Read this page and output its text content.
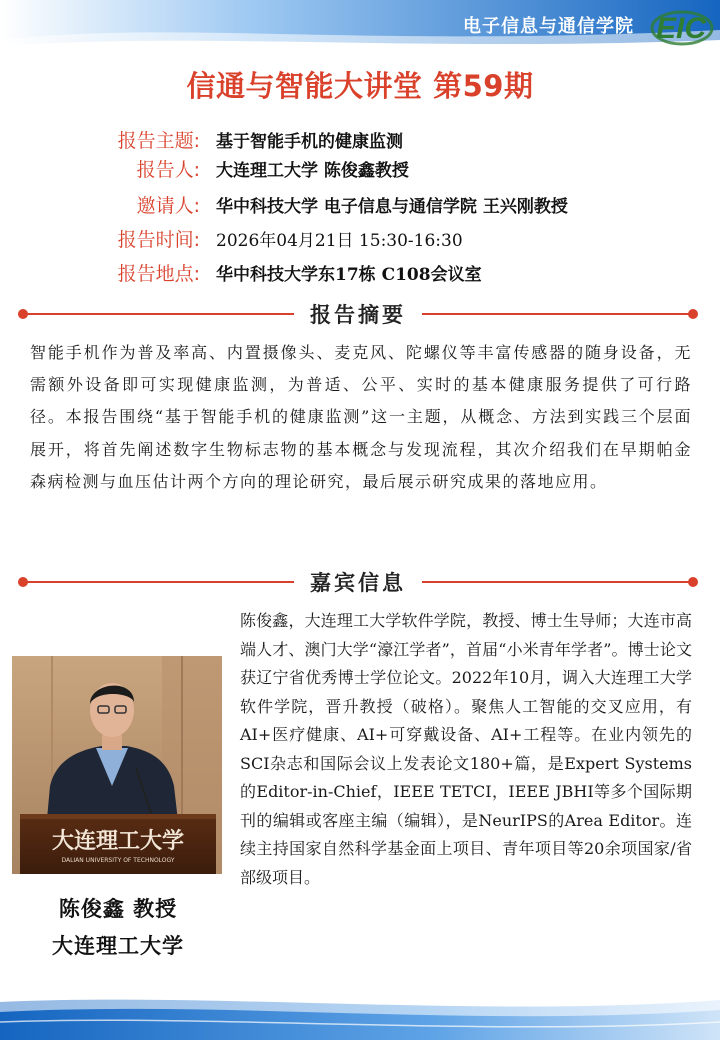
电子信息与通信学院 EIC
信通与智能大讲堂 第59期
报告主题: 基于智能手机的健康监测
报告人: 大连理工大学 陈俊鑫教授
邀请人: 华中科技大学 电子信息与通信学院 王兴刚教授
报告时间: 2026年04月21日 15:30-16:30
报告地点: 华中科技大学东17栋 C108会议室
报告摘要
智能手机作为普及率高、内置摄像头、麦克风、陀螺仪等丰富传感器的随身设备，无需额外设备即可实现健康监测，为普适、公平、实时的基本健康服务提供了可行路径。本报告围绕“基于智能手机的健康监测”这一主题，从概念、方法到实践三个层面展开，将首先阐述数字生物标志物的基本概念与发现流程，其次介绍我们在早期帕金森病检测与血压估计两个方向的理论研究，最后展示研究成果的落地应用。
嘉宾信息
大连理工大学
DALIAN UNIVERSITY OF TECHNOLOGY
陈俊鑫 教授
大连理工大学
陈俊鑫，大连理工大学软件学院，教授、博士生导师；大连市高端人才、澳门大学“濠江学者”，首届“小米青年学者”。博士论文获辽宁省优秀博士学位论文。2022年10月，调入大连理工大学软件学院，晋升教授（破格）。聚焦人工智能的交叉应用，有AI+医疗健康、AI+可穿戴设备、AI+工程等。在业内领先的SCI杂志和国际会议上发表论文180+篇，是Expert Systems 的Editor-in-Chief，IEEE TETCI，IEEE JBHI等多个国际期刊的编辑或客座主编（编辑），是NeurIPS的Area Editor。连续主持国家自然科学基金面上项目、青年项目等20余项国家/省部级项目。
